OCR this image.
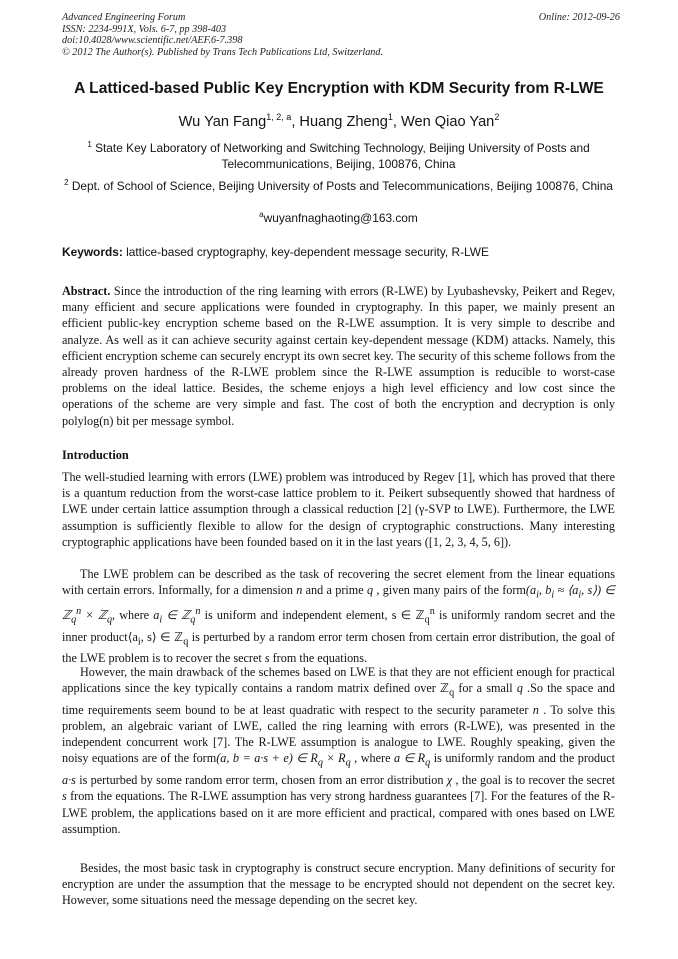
Advanced Engineering Forum
ISSN: 2234-991X, Vols. 6-7, pp 398-403
doi:10.4028/www.scientific.net/AEF.6-7.398
© 2012 The Author(s). Published by Trans Tech Publications Ltd, Switzerland.
Online: 2012-09-26
A Latticed-based Public Key Encryption with KDM Security from R-LWE
Wu Yan Fang$^{1, 2, a}$, Huang Zheng$^1$, Wen Qiao Yan$^2$
$^1$ State Key Laboratory of Networking and Switching Technology, Beijing University of Posts and Telecommunications, Beijing, 100876, China
$^2$ Dept. of School of Science, Beijing University of Posts and Telecommunications, Beijing 100876, China
$^a$wuyanfnaghaoting@163.com
Keywords: lattice-based cryptography, key-dependent message security, R-LWE
Abstract. Since the introduction of the ring learning with errors (R-LWE) by Lyubashevsky, Peikert and Regev, many efficient and secure applications were founded in cryptography. In this paper, we mainly present an efficient public-key encryption scheme based on the R-LWE assumption. It is very simple to describe and analyze. As well as it can achieve security against certain key-dependent message (KDM) attacks. Namely, this efficient encryption scheme can securely encrypt its own secret key. The security of this scheme follows from the already proven hardness of the R-LWE problem since the R-LWE assumption is reducible to worst-case problems on the ideal lattice. Besides, the scheme enjoys a high level efficiency and low cost since the operations of the scheme are very simple and fast. The cost of both the encryption and decryption is only polylog(n) bit per message symbol.
Introduction
The well-studied learning with errors (LWE) problem was introduced by Regev [1], which has proved that there is a quantum reduction from the worst-case lattice problem to it. Peikert subsequently showed that hardness of LWE under certain lattice assumption through a classical reduction [2] (γ-SVP to LWE). Furthermore, the LWE assumption is sufficiently flexible to allow for the design of cryptographic constructions. Many interesting cryptographic applications have been founded based on it in the last years ([1, 2, 3, 4, 5, 6]).
The LWE problem can be described as the task of recovering the secret element from the linear equations with certain errors. Informally, for a dimension n and a prime q , given many pairs of the $form(a_i$, $b_i$ ≈ $⟨a_i$, s⟩) ∈ ℤ$_q^n$ × ℤ$_q$, where $a_i$ ∈ ℤ$_q^n$ is uniform and independent element, s ∈ ℤ$_q^n$ is uniformly random secret and the inner $product⟨a_i$, s⟩ ∈ ℤ$_q$ is perturbed by a random error term chosen from certain error distribution, the goal of the LWE problem is to recover the secret s from the equations.
However, the main drawback of the schemes based on LWE is that they are not efficient enough for practical applications since the key typically contains a random matrix defined over ℤ$_q$ for a small q .So the space and time requirements seem bound to be at least quadratic with respect to the security parameter n . To solve this problem, an algebraic variant of LWE, called the ring learning with errors (R-LWE), was presented in the independent concurrent work [7]. The R-LWE assumption is analogue to LWE. Roughly speaking, given the noisy equations are of the form(a, b = a·s + e) ∈ $R_q \times R_q$ , where a ∈ $R_q$ is uniformly random and the product a·s is perturbed by some random error term, chosen from an error distribution χ , the goal is to recover the secret s from the equations. The R-LWE assumption has very strong hardness guarantees [7]. For the features of the R-LWE problem, the applications based on it are more efficient and practical, compared with ones based on LWE assumption.
Besides, the most basic task in cryptography is construct secure encryption. Many definitions of security for encryption are under the assumption that the message to be encrypted should not dependent on the secret key. However, some situations need the message depending on the secret key.
